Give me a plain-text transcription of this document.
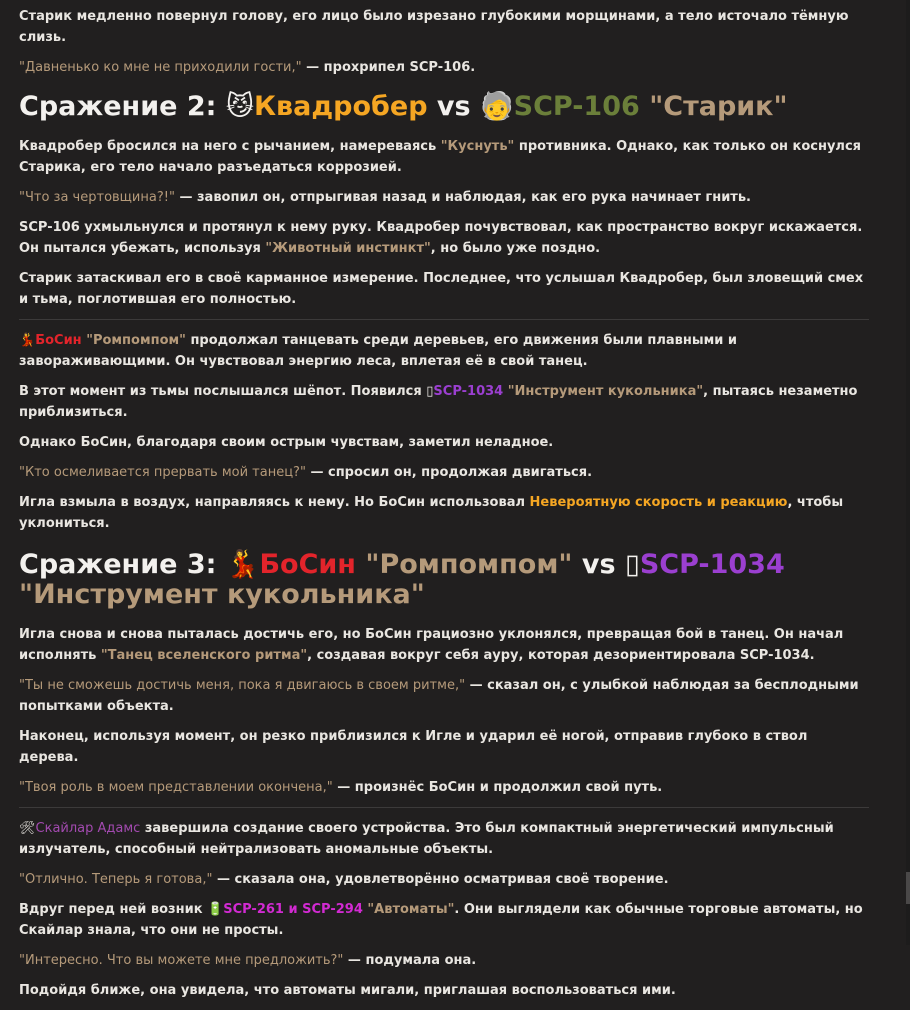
Старик медленно повернул голову, его лицо было изрезано глубокими морщинами, а тело источало тёмную слизь.

"Давненько ко мне не приходили гости," — прохрипел SCP-106.

Сражение 2: 😼Квадробер vs 🧓SCP-106 "Старик"

Квадробер бросился на него с рычанием, намереваясь "Куснуть" противника. Однако, как только он коснулся Старика, его тело начало разъедаться коррозией.

"Что за чертовщина?!" — завопил он, отпрыгивая назад и наблюдая, как его рука начинает гнить.

SCP-106 ухмыльнулся и протянул к нему руку. Квадробер почувствовал, как пространство вокруг искажается. Он пытался убежать, используя "Животный инстинкт", но было уже поздно.

Старик затаскивал его в своё карманное измерение. Последнее, что услышал Квадробер, был зловещий смех и тьма, поглотившая его полностью.

💃БоСин "Ромпомпом" продолжал танцевать среди деревьев, его движения были плавными и завораживающими. Он чувствовал энергию леса, вплетая её в свой танец.

В этот момент из тьмы послышался шёпот. Появился ▯SCP-1034 "Инструмент кукольника", пытаясь незаметно приблизиться.

Однако БоСин, благодаря своим острым чувствам, заметил неладное.

"Кто осмеливается прервать мой танец?" — спросил он, продолжая двигаться.

Игла взмыла в воздух, направляясь к нему. Но БоСин использовал Невероятную скорость и реакцию, чтобы уклониться.

Сражение 3: 💃БоСин "Ромпомпом" vs ▯SCP-1034
"Инструмент кукольника"

Игла снова и снова пыталась достичь его, но БоСин грациозно уклонялся, превращая бой в танец. Он начал исполнять "Танец вселенского ритма", создавая вокруг себя ауру, которая дезориентировала SCP-1034.

"Ты не сможешь достичь меня, пока я двигаюсь в своем ритме," — сказал он, с улыбкой наблюдая за бесплодными попытками объекта.

Наконец, используя момент, он резко приблизился к Игле и ударил её ногой, отправив глубоко в ствол дерева.

"Твоя роль в моем представлении окончена," — произнёс БоСин и продолжил свой путь.

🛠Скайлар Адамс завершила создание своего устройства. Это был компактный энергетический импульсный излучатель, способный нейтрализовать аномальные объекты.

"Отлично. Теперь я готова," — сказала она, удовлетворённо осматривая своё творение.

Вдруг перед ней возник 🔋SCP-261 и SCP-294 "Автоматы". Они выглядели как обычные торговые автоматы, но Скайлар знала, что они не просты.

"Интересно. Что вы можете мне предложить?" — подумала она.

Подойдя ближе, она увидела, что автоматы мигали, приглашая воспользоваться ими.
